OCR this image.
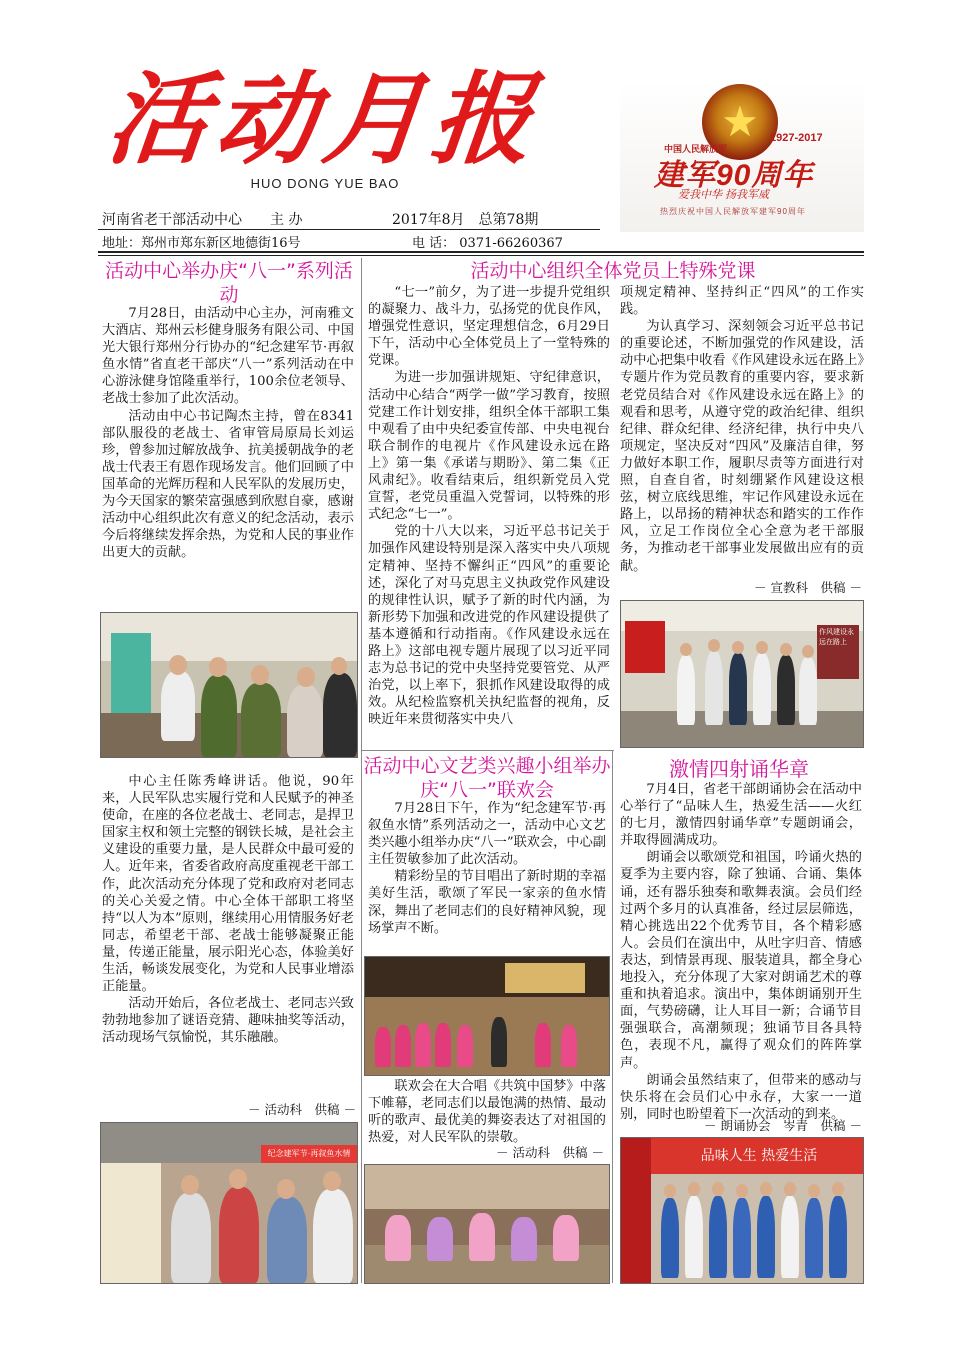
活动月报
HUO DONG YUE BAO
★
中国人民解放军
1927-2017
建军90周年
爱我中华 扬我军威
热烈庆祝中国人民解放军建军90周年
河南省老干部活动中心　　主 办	2017年8月　总第78期
地址：郑州市郑东新区地德街16号	电 话： 0371-66260367
活动中心举办庆“八一”系列活动

7月28日，由活动中心主办，河南雅文大酒店、郑州云杉健身服务有限公司、中国光大银行郑州分行协办的“纪念建军节·再叙鱼水情”省直老干部庆“八一”系列活动在中心游泳健身馆隆重举行，100余位老领导、老战士参加了此次活动。

活动由中心书记陶杰主持，曾在8341部队服役的老战士、省审管局原局长刘运珍，曾参加过解放战争、抗美援朝战争的老战士代表王有恩作现场发言。他们回顾了中国革命的光辉历程和人民军队的发展历史，为今天国家的繁荣富强感到欣慰自豪，感谢活动中心组织此次有意义的纪念活动，表示今后将继续发挥余热，为党和人民的事业作出更大的贡献。

中心主任陈秀峰讲话。他说，90年来，人民军队忠实履行党和人民赋予的神圣使命，在座的各位老战士、老同志，是捍卫国家主权和领土完整的钢铁长城，是社会主义建设的重要力量，是人民群众中最可爱的人。近年来，省委省政府高度重视老干部工作，此次活动充分体现了党和政府对老同志的关心关爱之情。中心全体干部职工将坚持“以人为本”原则，继续用心用情服务好老同志，希望老干部、老战士能够凝聚正能量，传递正能量，展示阳光心态，体验美好生活，畅谈发展变化，为党和人民事业增添正能量。

活动开始后，各位老战士、老同志兴致勃勃地参加了谜语竞猜、趣味抽奖等活动，活动现场气氛愉悦，其乐融融。

－ 活动科　供稿 －
纪念建军节·再叙鱼水情
活动中心组织全体党员上特殊党课

“七一”前夕，为了进一步提升党组织的凝聚力、战斗力，弘扬党的优良作风，增强党性意识，坚定理想信念，6月29日下午，活动中心全体党员上了一堂特殊的党课。

为进一步加强讲规矩、守纪律意识，活动中心结合“两学一做”学习教育，按照党建工作计划安排，组织全体干部职工集中观看了由中央纪委宣传部、中央电视台联合制作的电视片《作风建设永远在路上》第一集《承诺与期盼》、第二集《正风肃纪》。收看结束后，组织新党员入党宣誓，老党员重温入党誓词，以特殊的形式纪念“七一”。

党的十八大以来，习近平总书记关于加强作风建设特别是深入落实中央八项规定精神、坚持不懈纠正“四风”的重要论述，深化了对马克思主义执政党作风建设的规律性认识，赋予了新的时代内涵，为新形势下加强和改进党的作风建设提供了基本遵循和行动指南。《作风建设永远在路上》这部电视专题片展现了以习近平同志为总书记的党中央坚持党要管党、从严治党，以上率下，狠抓作风建设取得的成效。从纪检监察机关执纪监督的视角，反映近年来贯彻落实中央八

项规定精神、坚持纠正“四风”的工作实践。

为认真学习、深刻领会习近平总书记的重要论述，不断加强党的作风建设，活动中心把集中收看《作风建设永远在路上》专题片作为党员教育的重要内容，要求新老党员结合对《作风建设永远在路上》的观看和思考，从遵守党的政治纪律、组织纪律、群众纪律、经济纪律，执行中央八项规定，坚决反对“四风”及廉洁自律，努力做好本职工作，履职尽责等方面进行对照，自查自省，时刻绷紧作风建设这根弦，树立底线思维，牢记作风建设永远在路上，以昂扬的精神状态和踏实的工作作风，立足工作岗位全心全意为老干部服务，为推动老干部事业发展做出应有的贡献。

－ 宣教科　供稿 －
作风建设永远在路上
活动中心文艺类兴趣小组举办庆“八一”联欢会

7月28日下午，作为“纪念建军节·再叙鱼水情”系列活动之一，活动中心文艺类兴趣小组举办庆“八一”联欢会，中心副主任贺敏参加了此次活动。

精彩纷呈的节目唱出了新时期的幸福美好生活，歌颂了军民一家亲的鱼水情深，舞出了老同志们的良好精神风貌，现场掌声不断。

联欢会在大合唱《共筑中国梦》中落下帷幕，老同志们以最饱满的热情、最动听的歌声、最优美的舞姿表达了对祖国的热爱，对人民军队的崇敬。

－ 活动科　供稿 －
激情四射诵华章

7月4日，省老干部朗诵协会在活动中心举行了“品味人生，热爱生活——火红的七月，激情四射诵华章”专题朗诵会，并取得圆满成功。

朗诵会以歌颂党和祖国，吟诵火热的夏季为主要内容，除了独诵、合诵、集体诵，还有器乐独奏和歌舞表演。会员们经过两个多月的认真准备，经过层层筛选，精心挑选出22个优秀节目，各个精彩感人。会员们在演出中，从吐字归音、情感表达，到情景再现、服装道具，都全身心地投入，充分体现了大家对朗诵艺术的尊重和执着追求。演出中，集体朗诵别开生面，气势磅礴，让人耳目一新；合诵节目强强联合，高潮频现；独诵节目各具特色，表现不凡，赢得了观众们的阵阵掌声。

朗诵会虽然结束了，但带来的感动与快乐将在会员们心中永存，大家一一道别，同时也盼望着下一次活动的到来。

－ 朗诵协会　岑青　供稿 －
品味人生 热爱生活
